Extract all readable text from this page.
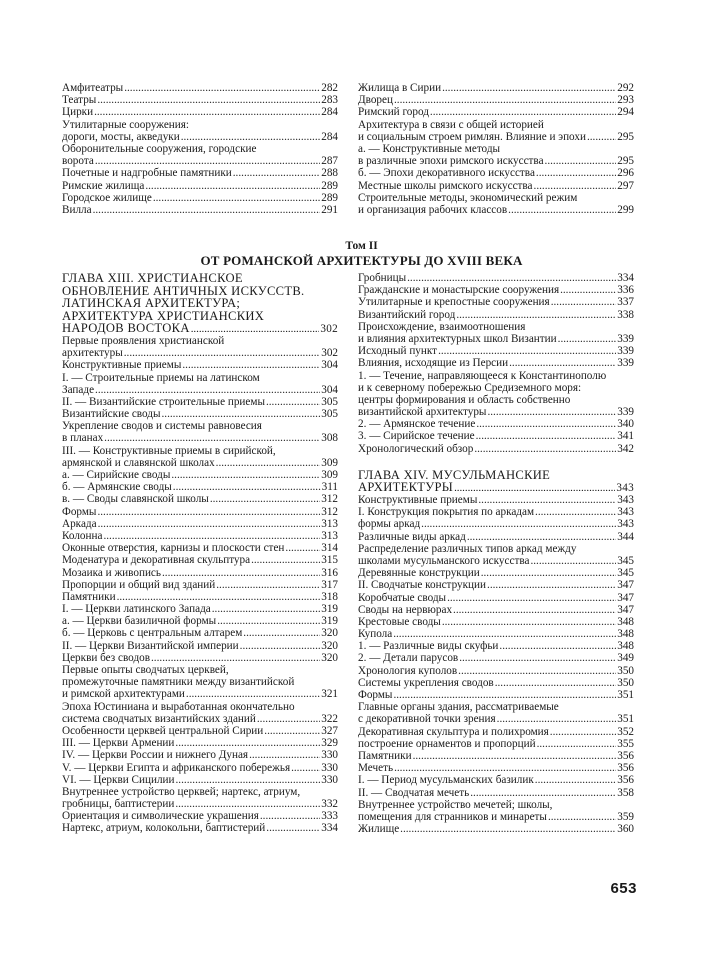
Амфитеатры . . .	282
Театры . . .	283
Цирки . . .	284
Утилитарные сооружения:
дороги, мосты, акведуки . . .	284
Оборонительные сооружения, городские
ворота . . .	287
Почетные и надгробные памятники . . .	288
Римские жилища . . .	289
Городское жилище . . .	289
Вилла . . .	291
Жилища в Сирии . . .	292
Дворец . . .	293
Римский город . . .	294
Архитектура в связи с общей историей
и социальным строем римлян. Влияние и эпохи . . .	295
а. — Конструктивные методы
в различные эпохи римского искусства . . .	295
б. — Эпохи декоративного искусства . . .	296
Местные школы римского искусства . . .	297
Строительные методы, экономический режим
и организация рабочих классов . . .	299
Том II
ОТ РОМАНСКОЙ АРХИТЕКТУРЫ ДО XVIII ВЕКА
ГЛАВА XIII. ХРИСТИАНСКОЕ
ОБНОВЛЕНИЕ АНТИЧНЫХ ИСКУССТВ.
ЛАТИНСКАЯ АРХИТЕКТУРА;
АРХИТЕКТУРА ХРИСТИАНСКИХ
НАРОДОВ ВОСТОКА . . .	302
Первые проявления христианской
архитектуры . . .	302
Конструктивные приемы . . .	304
I. — Строительные приемы на латинском
Западе . . .	304
II. — Византийские строительные приемы . . .	305
Византийские своды . . .	305
Укрепление сводов и системы равновесия
в планах . . .	308
III. — Конструктивные приемы в сирийской,
армянской и славянской школах . . .	309
а. — Сирийские своды . . .	309
б. — Армянские своды . . .	311
в. — Своды славянской школы . . .	312
Формы . . .	312
Аркада . . .	313
Колонна . . .	313
Оконные отверстия, карнизы и плоскости стен . . .	314
Моденатура и декоративная скульптура . . .	315
Мозаика и живопись . . .	316
Пропорции и общий вид зданий . . .	317
Памятники . . .	318
I. — Церкви латинского Запада . . .	319
а. — Церкви базиличной формы . . .	319
б. — Церковь с центральным алтарем . . .	320
II. — Церкви Византийской империи . . .	320
Церкви без сводов . . .	320
Первые опыты сводчатых церквей,
промежуточные памятники между византийской
и римской архитектурами . . .	321
Эпоха Юстиниана и выработанная окончательно
система сводчатых византийских зданий . . .	322
Особенности церквей центральной Сирии . . .	327
III. — Церкви Армении . . .	329
IV. — Церкви России и нижнего Дуная . . .	330
V. — Церкви Египта и африканского побережья . . .	330
VI. — Церкви Сицилии . . .	330
Внутреннее устройство церквей; нартекс, атриум,
гробницы, баптистерии . . .	332
Ориентация и символические украшения . . .	333
Нартекс, атриум, колокольни, баптистерий . . .	334
Гробницы . . .	334
Гражданские и монастырские сооружения . . .	336
Утилитарные и крепостные сооружения . . .	337
Византийский город . . .	338
Происхождение, взаимоотношения
и влияния архитектурных школ Византии . . .	339
Исходный пункт . . .	339
Влияния, исходящие из Персии . . .	339
1. — Течение, направляющееся к Константинополю
и к северному побережью Средиземного моря:
центры формирования и область собственно
византийской архитектуры . . .	339
2. — Армянское течение . . .	340
3. — Сирийское течение . . .	341
Хронологический обзор . . .	342
ГЛАВА XIV. МУСУЛЬМАНСКИЕ
АРХИТЕКТУРЫ . . .	343
Конструктивные приемы . . .	343
I. Конструкция покрытия по аркадам . . .	343
формы аркад . . .	343
Различные виды аркад . . .	344
Распределение различных типов аркад между
школами мусульманского искусства . . .	345
Деревянные конструкции . . .	345
II. Сводчатые конструкции . . .	347
Коробчатые своды . . .	347
Своды на нервюрах . . .	347
Крестовые своды . . .	348
Купола . . .	348
1. — Различные виды скуфьи . . .	348
2. — Детали парусов . . .	349
Хронология куполов . . .	350
Системы укрепления сводов . . .	350
Формы . . .	351
Главные органы здания, рассматриваемые
с декоративной точки зрения . . .	351
Декоративная скульптура и полихромия . . .	352
построение орнаментов и пропорций . . .	355
Памятники . . .	356
Мечеть . . .	356
I. — Период мусульманских базилик . . .	356
II. — Сводчатая мечеть . . .	358
Внутреннее устройство мечетей; школы,
помещения для странников и минареты . . .	359
Жилище . . .	360
653
